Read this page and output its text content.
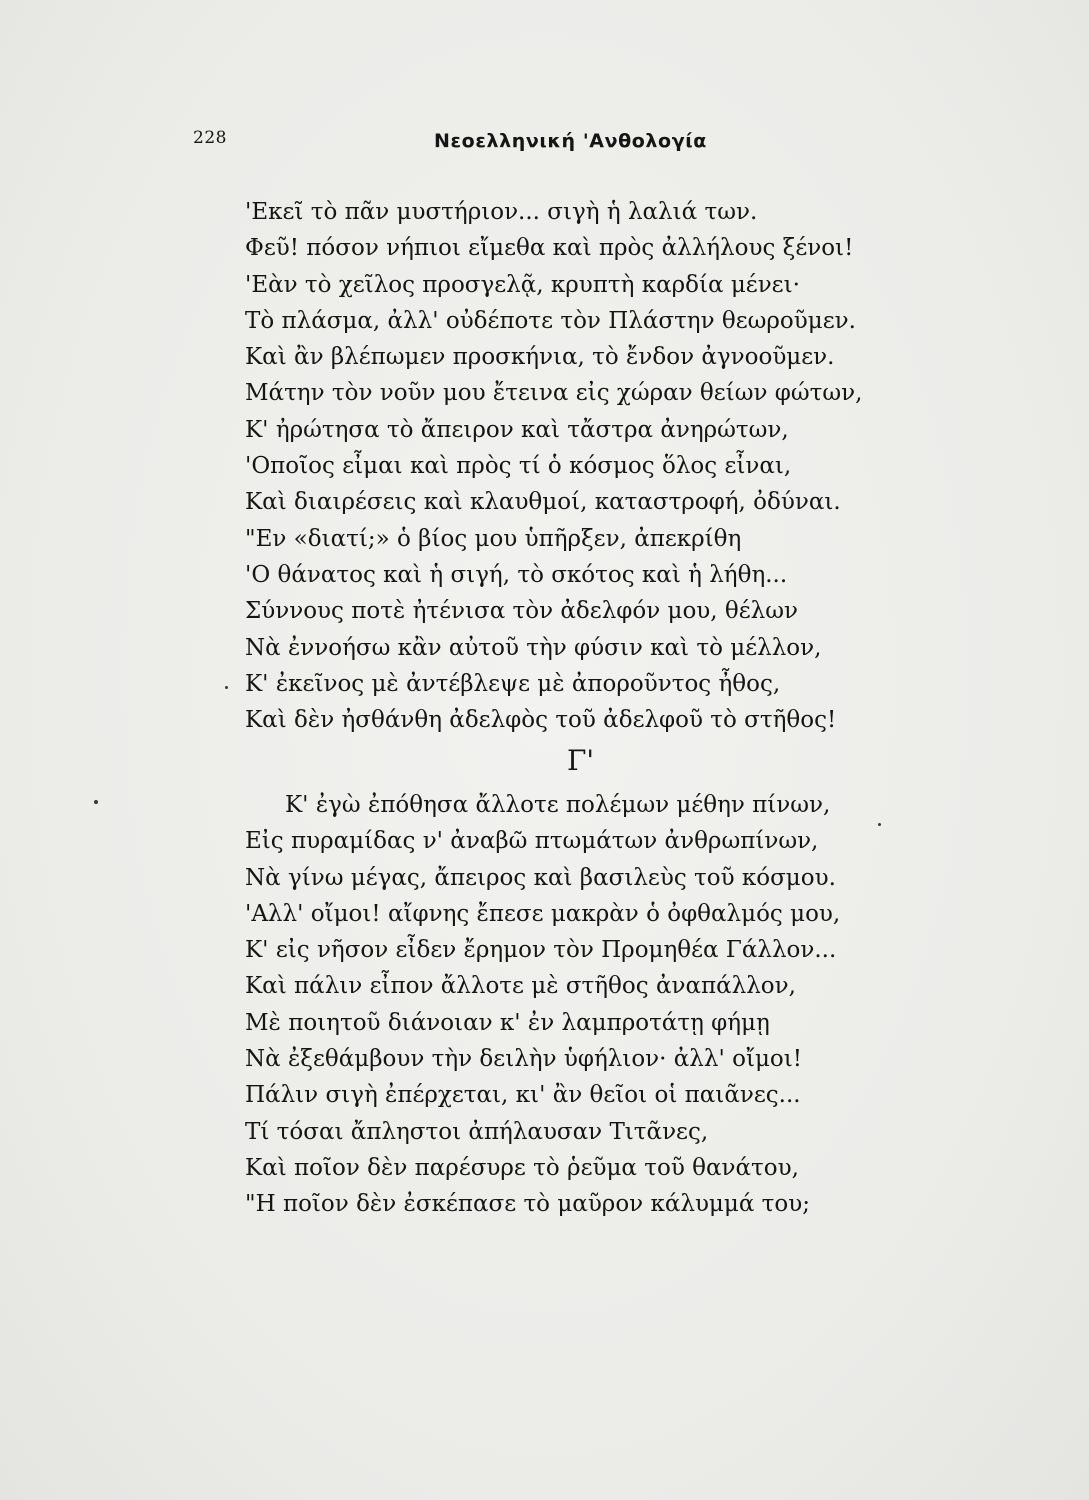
228	Νεοελληνική 'Ανθολογία
'Εκεῖ τὸ πᾶν μυστήριον... σιγὴ ἡ λαλιά των.
Φεῦ! πόσον νήπιοι εἴμεθα καὶ πρὸς ἀλλήλους ξένοι!
'Εὰν τὸ χεῖλος προσγελᾷ, κρυπτὴ καρδία μένει·
Τὸ πλάσμα, ἀλλ' οὐδέποτε τὸν Πλάστην θεωροῦμεν.
Καὶ ἂν βλέπωμεν προσκήνια, τὸ ἔνδον ἀγνοοῦμεν.
Μάτην τὸν νοῦν μου ἔτεινα εἰς χώραν θείων φώτων,
Κ' ἠρώτησα τὸ ἄπειρον καὶ τἄστρα ἀνηρώτων,
'Οποῖος εἶμαι καὶ πρὸς τί ὁ κόσμος ὅλος εἶναι,
Καὶ διαιρέσεις καὶ κλαυθμοί, καταστροφή, ὀδύναι.
"Εν «διατί;» ὁ βίος μου ὑπῆρξεν, ἀπεκρίθη
'Ο θάνατος καὶ ἡ σιγή, τὸ σκότος καὶ ἡ λήθη...
Σύννους ποτὲ ἠτένισα τὸν ἀδελφόν μου, θέλων
Νὰ ἐννοήσω κἂν αὐτοῦ τὴν φύσιν καὶ τὸ μέλλον,
Κ' ἐκεῖνος μὲ ἀντέβλεψε μὲ ἀποροῦντος ἦθος,
Καὶ δὲν ἠσθάνθη ἀδελφὸς τοῦ ἀδελφοῦ τὸ στῆθος!
Γ'
Κ' ἐγὼ ἐπόθησα ἄλλοτε πολέμων μέθην πίνων,
Εἰς πυραμίδας ν' ἀναβῶ πτωμάτων ἀνθρωπίνων,
Νὰ γίνω μέγας, ἄπειρος καὶ βασιλεὺς τοῦ κόσμου.
'Αλλ' οἴμοι! αἴφνης ἔπεσε μακρὰν ὁ ὀφθαλμός μου,
Κ' εἰς νῆσον εἶδεν ἔρημον τὸν Προμηθέα Γάλλον...
Καὶ πάλιν εἶπον ἄλλοτε μὲ στῆθος ἀναπάλλον,
Μὲ ποιητοῦ διάνοιαν κ' ἐν λαμπροτάτῃ φήμῃ
Νὰ ἐξεθάμβουν τὴν δειλὴν ὑφήλιον· ἀλλ' οἴμοι!
Πάλιν σιγὴ ἐπέρχεται, κι' ἂν θεῖοι οἱ παιᾶνες...
Τί τόσαι ἄπληστοι ἀπήλαυσαν Τιτᾶνες,
Καὶ ποῖον δὲν παρέσυρε τὸ ῥεῦμα τοῦ θανάτου,
"Η ποῖον δὲν ἐσκέπασε τὸ μαῦρον κάλυμμά του;
